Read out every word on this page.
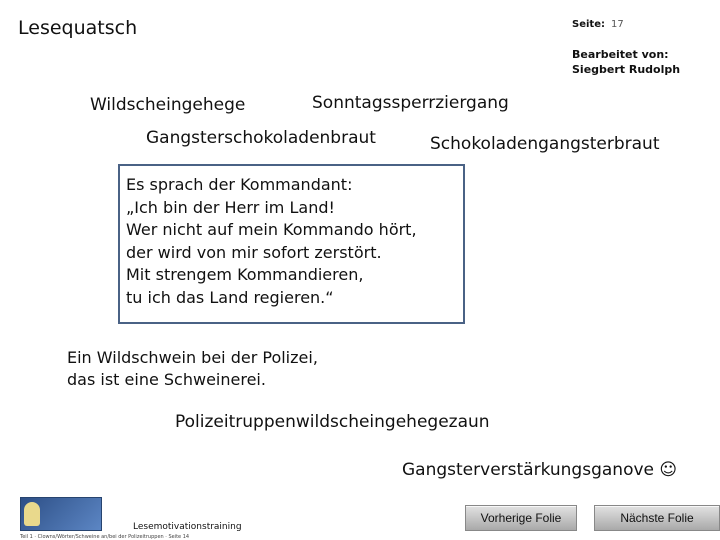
Lesequatsch	Seite: 17
Bearbeitet von:
Siegbert Rudolph
Wildscheingehege	Sonntagssperrziergang
Gangsterschokoladenbraut	Schokoladengangsterbraut
Es sprach der Kommandant:
„Ich bin der Herr im Land!
Wer nicht auf mein Kommando hört,
der wird von mir sofort zerstört.
Mit strengem Kommandieren,
tu ich das Land regieren.“
Ein Wildschwein bei der Polizei,
das ist eine Schweinerei.
Polizeitruppenwildscheingehegezaun
Gangsterverstärkungsganove ☺
Lesemotivationstraining
Teil 1 · Clowns/Wörter/Schweine an/bei der Polizeitruppen · Seite 14
Vorherige Folie	Nächste Folie
